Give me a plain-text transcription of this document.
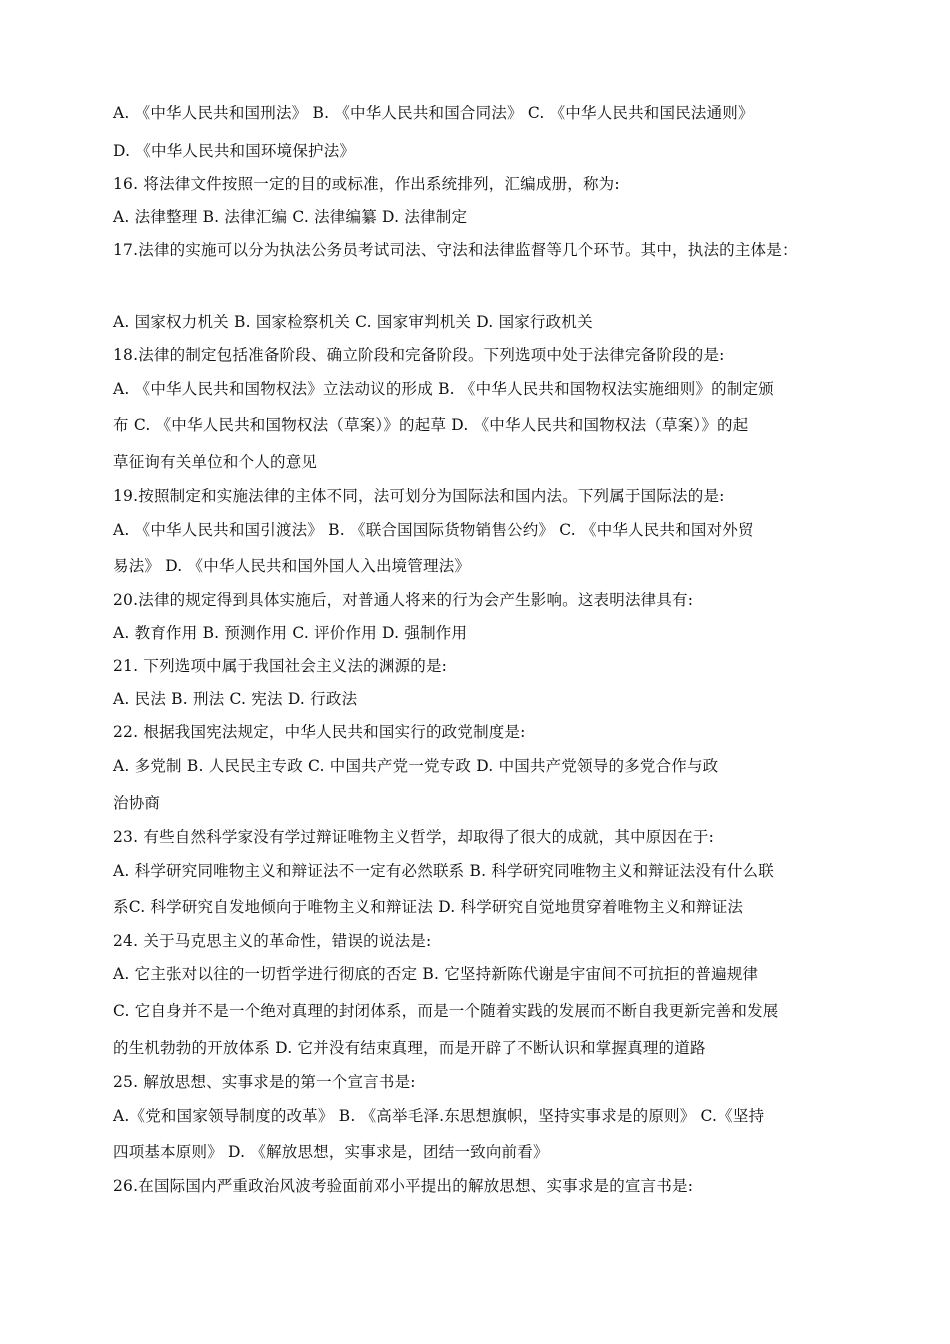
A. 《中华人民共和国刑法》 B. 《中华人民共和国合同法》 C. 《中华人民共和国民法通则》
D. 《中华人民共和国环境保护法》
16. 将法律文件按照一定的目的或标准，作出系统排列，汇编成册，称为:
A. 法律整理 B. 法律汇编 C. 法律编纂 D. 法律制定
17.法律的实施可以分为执法公务员考试司法、守法和法律监督等几个环节。其中，执法的主体是：
A. 国家权力机关 B. 国家检察机关 C. 国家审判机关 D. 国家行政机关
18.法律的制定包括准备阶段、确立阶段和完备阶段。下列选项中处于法律完备阶段的是:
A. 《中华人民共和国物权法》立法动议的形成 B. 《中华人民共和国物权法实施细则》的制定颁
布 C. 《中华人民共和国物权法（草案）》的起草 D. 《中华人民共和国物权法（草案）》的起
草征询有关单位和个人的意见
19.按照制定和实施法律的主体不同，法可划分为国际法和国内法。下列属于国际法的是:
A. 《中华人民共和国引渡法》 B. 《联合国国际货物销售公约》 C. 《中华人民共和国对外贸
易法》 D. 《中华人民共和国外国人入出境管理法》
20.法律的规定得到具体实施后，对普通人将来的行为会产生影响。这表明法律具有:
A. 教育作用 B. 预测作用 C. 评价作用 D. 强制作用
21. 下列选项中属于我国社会主义法的渊源的是:
A. 民法 B. 刑法 C. 宪法 D. 行政法
22. 根据我国宪法规定，中华人民共和国实行的政党制度是:
A. 多党制 B. 人民民主专政 C. 中国共产党一党专政 D. 中国共产党领导的多党合作与政
治协商
23. 有些自然科学家没有学过辩证唯物主义哲学，却取得了很大的成就，其中原因在于:
A. 科学研究同唯物主义和辩证法不一定有必然联系 B. 科学研究同唯物主义和辩证法没有什么联
系C. 科学研究自发地倾向于唯物主义和辩证法 D. 科学研究自觉地贯穿着唯物主义和辩证法
24. 关于马克思主义的革命性，错误的说法是:
A. 它主张对以往的一切哲学进行彻底的否定 B. 它坚持新陈代谢是宇宙间不可抗拒的普遍规律
C. 它自身并不是一个绝对真理的封闭体系，而是一个随着实践的发展而不断自我更新完善和发展
的生机勃勃的开放体系 D. 它并没有结束真理，而是开辟了不断认识和掌握真理的道路
25. 解放思想、实事求是的第一个宣言书是:
A.《党和国家领导制度的改革》 B. 《高举毛泽.东思想旗帜，坚持实事求是的原则》 C.《坚持
四项基本原则》 D. 《解放思想，实事求是，团结一致向前看》
26.在国际国内严重政治风波考验面前邓小平提出的解放思想、实事求是的宣言书是:
